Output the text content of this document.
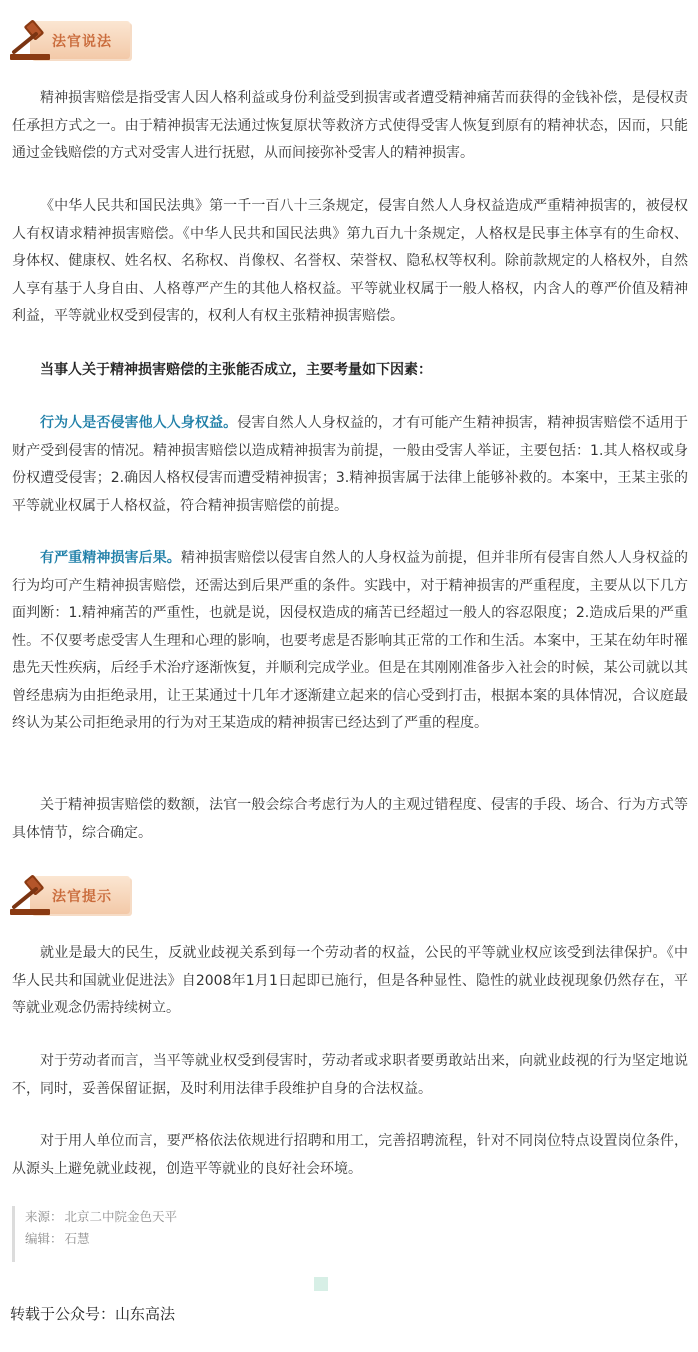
法官说法

精神损害赔偿是指受害人因人格利益或身份利益受到损害或者遭受精神痛苦而获得的金钱补偿，是侵权责任承担方式之一。由于精神损害无法通过恢复原状等救济方式使得受害人恢复到原有的精神状态，因而，只能通过金钱赔偿的方式对受害人进行抚慰，从而间接弥补受害人的精神损害。

《中华人民共和国民法典》第一千一百八十三条规定，侵害自然人人身权益造成严重精神损害的，被侵权人有权请求精神损害赔偿。《中华人民共和国民法典》第九百九十条规定，人格权是民事主体享有的生命权、身体权、健康权、姓名权、名称权、肖像权、名誉权、荣誉权、隐私权等权利。除前款规定的人格权外，自然人享有基于人身自由、人格尊严产生的其他人格权益。平等就业权属于一般人格权，内含人的尊严价值及精神利益，平等就业权受到侵害的，权利人有权主张精神损害赔偿。

当事人关于精神损害赔偿的主张能否成立，主要考量如下因素：

行为人是否侵害他人人身权益。侵害自然人人身权益的，才有可能产生精神损害，精神损害赔偿不适用于财产受到侵害的情况。精神损害赔偿以造成精神损害为前提，一般由受害人举证，主要包括：1.其人格权或身份权遭受侵害；2.确因人格权侵害而遭受精神损害；3.精神损害属于法律上能够补救的。本案中，王某主张的平等就业权属于人格权益，符合精神损害赔偿的前提。

有严重精神损害后果。精神损害赔偿以侵害自然人的人身权益为前提，但并非所有侵害自然人人身权益的行为均可产生精神损害赔偿，还需达到后果严重的条件。实践中，对于精神损害的严重程度，主要从以下几方面判断：1.精神痛苦的严重性，也就是说，因侵权造成的痛苦已经超过一般人的容忍限度；2.造成后果的严重性。不仅要考虑受害人生理和心理的影响，也要考虑是否影响其正常的工作和生活。本案中，王某在幼年时罹患先天性疾病，后经手术治疗逐渐恢复，并顺利完成学业。但是在其刚刚准备步入社会的时候，某公司就以其曾经患病为由拒绝录用，让王某通过十几年才逐渐建立起来的信心受到打击，根据本案的具体情况，合议庭最终认为某公司拒绝录用的行为对王某造成的精神损害已经达到了严重的程度。

关于精神损害赔偿的数额，法官一般会综合考虑行为人的主观过错程度、侵害的手段、场合、行为方式等具体情节，综合确定。

法官提示

就业是最大的民生，反就业歧视关系到每一个劳动者的权益，公民的平等就业权应该受到法律保护。《中华人民共和国就业促进法》自2008年1月1日起即已施行，但是各种显性、隐性的就业歧视现象仍然存在，平等就业观念仍需持续树立。

对于劳动者而言，当平等就业权受到侵害时，劳动者或求职者要勇敢站出来，向就业歧视的行为坚定地说不，同时，妥善保留证据，及时利用法律手段维护自身的合法权益。

对于用人单位而言，要严格依法依规进行招聘和用工，完善招聘流程，针对不同岗位特点设置岗位条件，从源头上避免就业歧视，创造平等就业的良好社会环境。

来源： 北京二中院金色天平
编辑： 石慧
转载于公众号：山东高法
